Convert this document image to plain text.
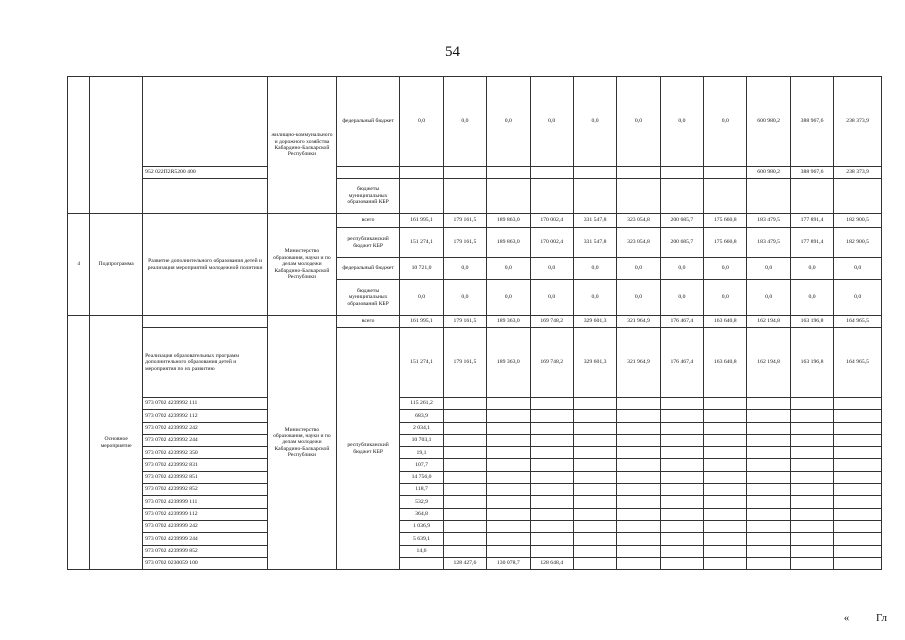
54
			жилищно-коммунального и дорожного хозяйства Кабардино-Балкарской Республики	федеральный бюджет	0,0	0,0	0,0	0,0	0,0	0,0	0,0	0,0	600 980,2	388 967,6	238 373,9
		952 022П2R5200 400											600 980,2	388 967,6	238 373,9
				бюджеты муниципальных образований КБР											
4	Подпрограмма	Развитие дополнительного образования детей и реализация мероприятий молодежной политики	Министерство образования, науки и по делам молодежи Кабардино-Балкарской Республики	всего	161 995,1	179 161,5	189 863,0	170 002,4	331 547,8	323 054,8	200 685,7	175 660,8	183 479,5	177 891,4	182 900,5
				республиканский бюджет КБР	151 274,1	179 161,5	189 863,0	170 002,4	331 547,8	323 054,8	200 685,7	175 660,8	183 479,5	177 891,4	182 900,5
				федеральный бюджет	10 721,0	0,0	0,0	0,0	0,0	0,0	0,0	0,0	0,0	0,0	0,0
				бюджеты муниципальных образований КБР	0,0	0,0	0,0	0,0	0,0	0,0	0,0	0,0	0,0	0,0	0,0
	Основное мероприятие		Министерство образования, науки и по делам молодежи Кабардино-Балкарской Республики	всего	161 995,1	179 161,5	189 363,0	169 748,2	329 601,3	321 964,9	176 467,4	163 640,8	162 194,8	163 196,8	164 965,5
		Реализация образовательных программ дополнительного образования детей и мероприятия по их развитию		республиканский бюджет КБР	151 274,1	179 161,5	189 363,0	169 748,2	329 601,3	321 964,9	176 467,4	163 640,8	162 194,8	163 196,8	164 965,5
		973 0702 4239992 111			115 261,2										
		973 0702 4239992 112			683,9										
		973 0702 4239992 242			2 034,1										
		973 0702 4239992 244			10 703,1										
		973 0702 4239992 350			19,1										
		973 0702 4239992 831			107,7										
		973 0702 4239992 851			14 756,0										
		973 0702 4239992 852			118,7										
		973 0702 4239999 111			532,9										
		973 0702 4239999 112			364,8										
		973 0702 4239999 242			1 036,9										
		973 0702 4239999 244			5 639,1										
		973 0702 4239999 852			14,6										
		973 0702 0230059 100				128 427,6	130 078,7	128 648,4							
« Гл
